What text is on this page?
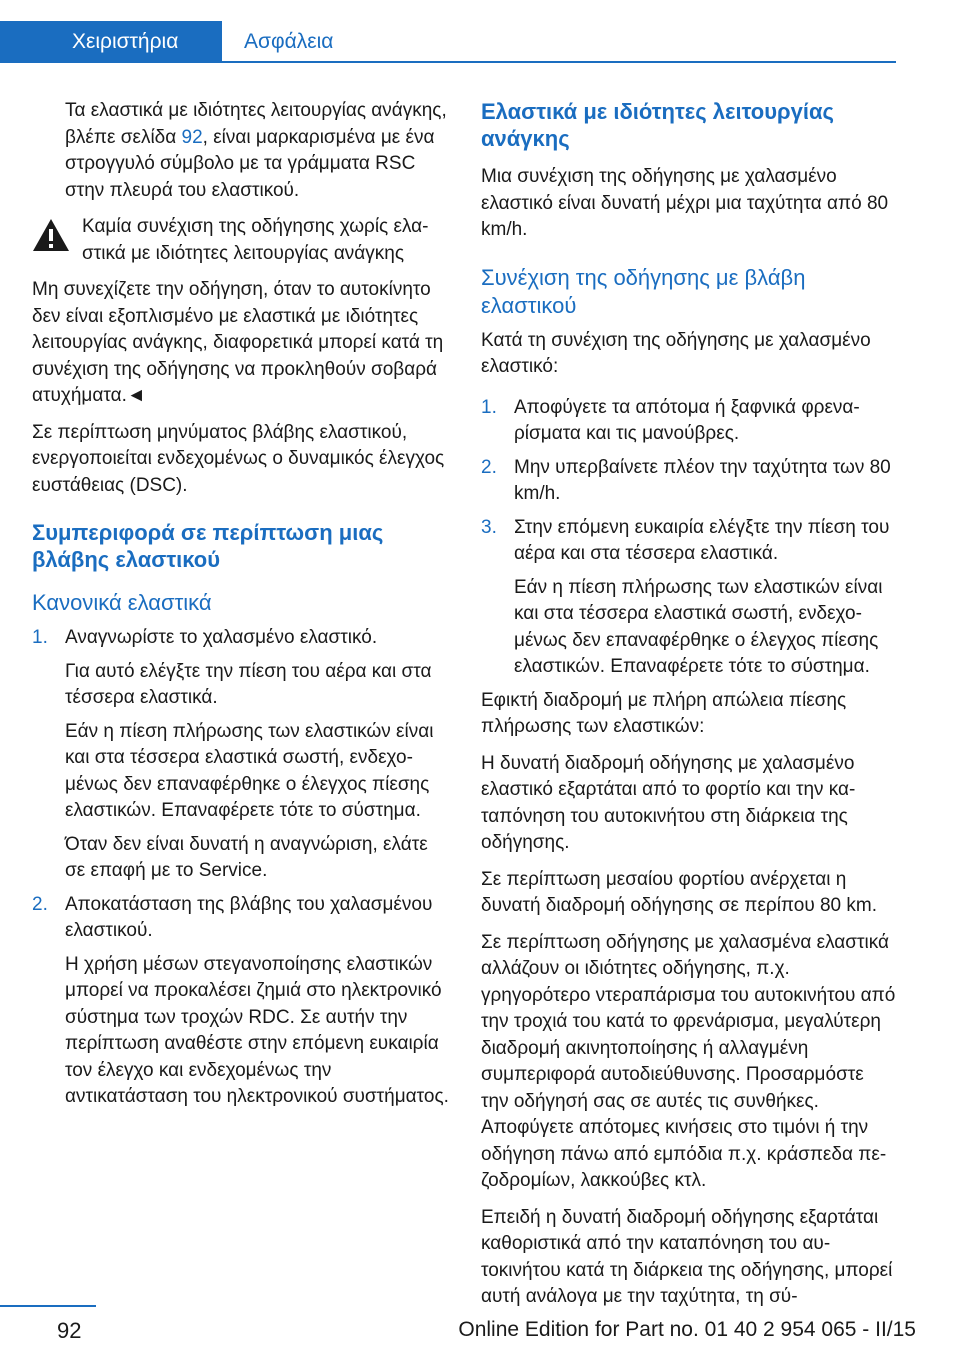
Χειριστήρια	Ασφάλεια

Τα ελαστικά με ιδιότητες λειτουργίας ανάγκης, βλέπε σελίδα 92, είναι μαρκαρισμένα με ένα στρογγυλό σύμβολο με τα γράμματα RSC στην πλευρά του ελαστικού.

Καμία συνέχιση της οδήγησης χωρίς ελαστικά με ιδιότητες λειτουργίας ανάγκης

Μη συνεχίζετε την οδήγηση, όταν το αυτοκίνητο δεν είναι εξοπλισμένο με ελαστικά με ιδιότητες λειτουργίας ανάγκης, διαφορετικά μπορεί κατά τη συνέχιση της οδήγησης να προκληθούν σοβαρά ατυχήματα.◄

Σε περίπτωση μηνύματος βλάβης ελαστικού, ενεργοποιείται ενδεχομένως ο δυναμικός έλεγχος ευστάθειας (DSC).

Συμπεριφορά σε περίπτωση μιας βλάβης ελαστικού
Κανονικά ελαστικά
1. Αναγνωρίστε το χαλασμένο ελαστικό.

Για αυτό ελέγξτε την πίεση του αέρα και στα τέσσερα ελαστικά.

Εάν η πίεση πλήρωσης των ελαστικών είναι και στα τέσσερα ελαστικά σωστή, ενδεχομένως δεν επαναφέρθηκε ο έλεγχος πίεσης ελαστικών. Επαναφέρετε τότε το σύστημα.

Όταν δεν είναι δυνατή η αναγνώριση, ελάτε σε επαφή με το Service.

2. Αποκατάσταση της βλάβης του χαλασμένου ελαστικού.

Η χρήση μέσων στεγανοποίησης ελαστικών μπορεί να προκαλέσει ζημιά στο ηλεκτρονικό σύστημα των τροχών RDC. Σε αυτήν την περίπτωση αναθέστε στην επόμενη ευκαιρία τον έλεγχο και ενδεχομένως την αντικατάσταση του ηλεκτρονικού συστήματος.

Ελαστικά με ιδιότητες λειτουργίας ανάγκης

Μια συνέχιση της οδήγησης με χαλασμένο ελαστικό είναι δυνατή μέχρι μια ταχύτητα από 80 km/h.

Συνέχιση της οδήγησης με βλάβη ελαστικού

Κατά τη συνέχιση της οδήγησης με χαλασμένο ελαστικό:

1. Αποφύγετε τα απότομα ή ξαφνικά φρεναρίσματα και τις μανούβρες.

2. Μην υπερβαίνετε πλέον την ταχύτητα των 80 km/h.

3. Στην επόμενη ευκαιρία ελέγξτε την πίεση του αέρα και στα τέσσερα ελαστικά.

Εάν η πίεση πλήρωσης των ελαστικών είναι και στα τέσσερα ελαστικά σωστή, ενδεχομένως δεν επαναφέρθηκε ο έλεγχος πίεσης ελαστικών. Επαναφέρετε τότε το σύστημα.

Εφικτή διαδρομή με πλήρη απώλεια πίεσης πλήρωσης των ελαστικών:

Η δυνατή διαδρομή οδήγησης με χαλασμένο ελαστικό εξαρτάται από το φορτίο και την καταπόνηση του αυτοκινήτου στη διάρκεια της οδήγησης.

Σε περίπτωση μεσαίου φορτίου ανέρχεται η δυνατή διαδρομή οδήγησης σε περίπου 80 km.

Σε περίπτωση οδήγησης με χαλασμένα ελαστικά αλλάζουν οι ιδιότητες οδήγησης, π.χ. γρηγορότερο ντεραπάρισμα του αυτοκινήτου από την τροχιά του κατά το φρενάρισμα, μεγαλύτερη διαδρομή ακινητοποίησης ή αλλαγμένη συμπεριφορά αυτοδιεύθυνσης. Προσαρμόστε την οδήγησή σας σε αυτές τις συνθήκες. Αποφύγετε απότομες κινήσεις στο τιμόνι ή την οδήγηση πάνω από εμπόδια π.χ. κράσπεδα πεζοδρομίων, λακκούβες κτλ.

Επειδή η δυνατή διαδρομή οδήγησης εξαρτάται καθοριστικά από την καταπόνηση του αυτοκινήτου κατά τη διάρκεια της οδήγησης, μπορεί αυτή ανάλογα με την ταχύτητα, τη σύ-

92	Online Edition for Part no. 01 40 2 954 065 - II/15
